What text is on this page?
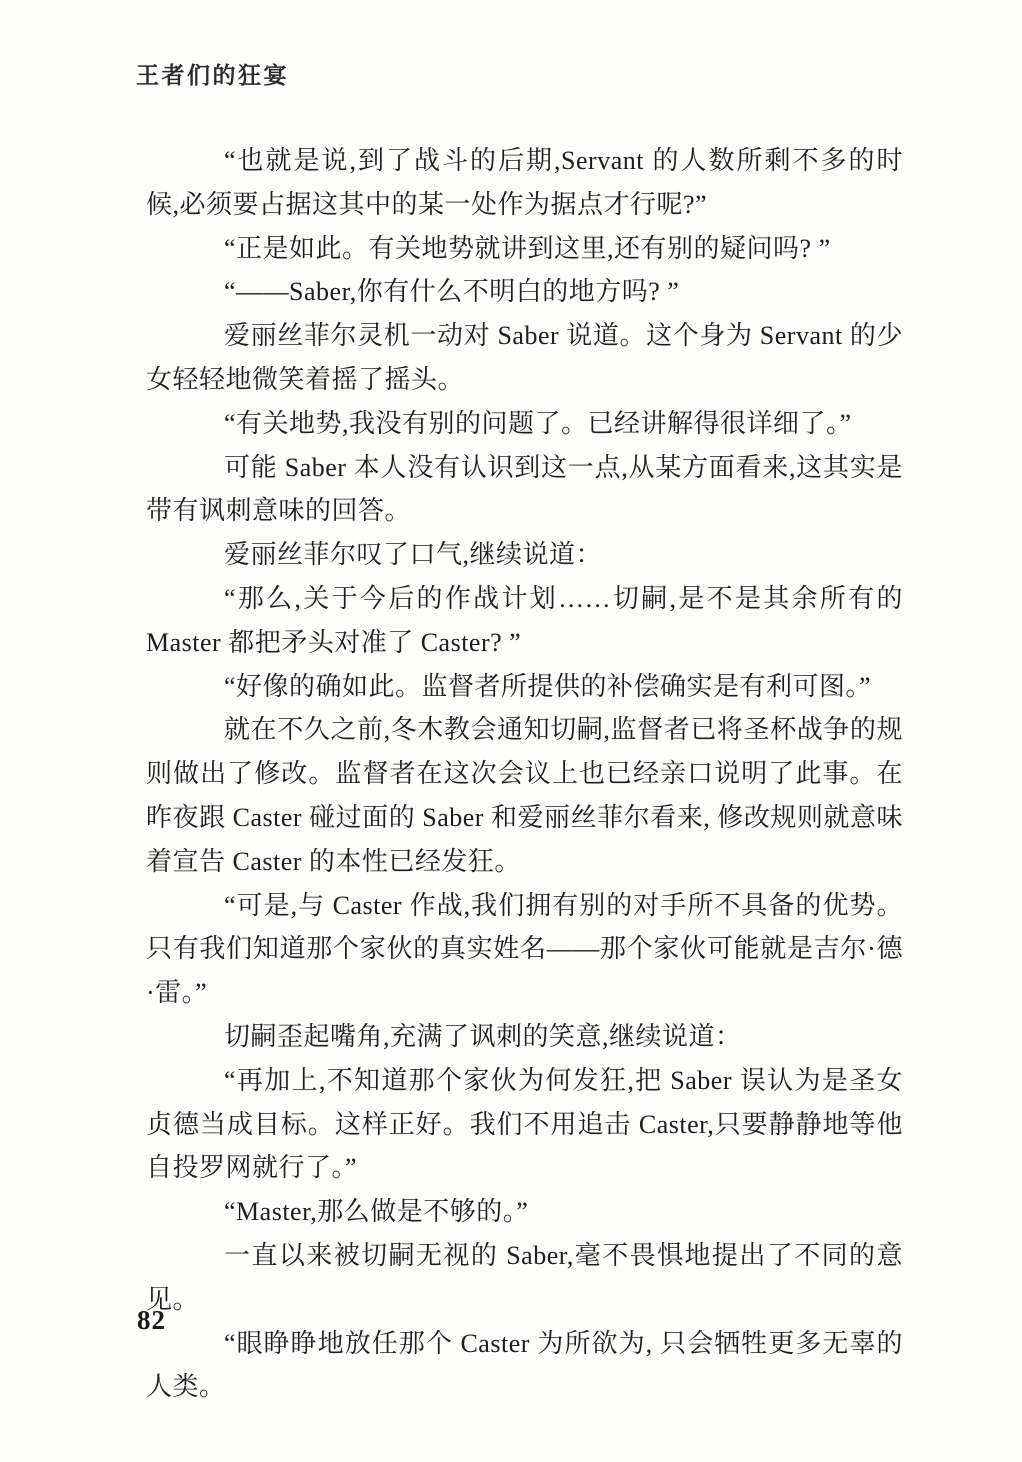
王者们的狂宴

“也就是说,到了战斗的后期,Servant 的人数所剩不多的时候,必须要占据这其中的某一处作为据点才行呢?”

“正是如此。有关地势就讲到这里,还有别的疑问吗? ”

“——Saber,你有什么不明白的地方吗? ”

爱丽丝菲尔灵机一动对 Saber 说道。这个身为 Servant 的少女轻轻地微笑着摇了摇头。

“有关地势,我没有别的问题了。已经讲解得很详细了。”

可能 Saber 本人没有认识到这一点,从某方面看来,这其实是带有讽刺意味的回答。

爱丽丝菲尔叹了口气,继续说道：

“那么,关于今后的作战计划……切嗣,是不是其余所有的 Master 都把矛头对准了 Caster? ”

“好像的确如此。监督者所提供的补偿确实是有利可图。”

就在不久之前,冬木教会通知切嗣,监督者已将圣杯战争的规则做出了修改。监督者在这次会议上也已经亲口说明了此事。在昨夜跟 Caster 碰过面的 Saber 和爱丽丝菲尔看来, 修改规则就意味着宣告 Caster 的本性已经发狂。

“可是,与 Caster 作战,我们拥有别的对手所不具备的优势。只有我们知道那个家伙的真实姓名——那个家伙可能就是吉尔·德·雷。”

切嗣歪起嘴角,充满了讽刺的笑意,继续说道：

“再加上,不知道那个家伙为何发狂,把 Saber 误认为是圣女贞德当成目标。这样正好。我们不用追击 Caster,只要静静地等他自投罗网就行了。”

“Master,那么做是不够的。”

一直以来被切嗣无视的 Saber,毫不畏惧地提出了不同的意见。

“眼睁睁地放任那个 Caster 为所欲为, 只会牺牲更多无辜的人类。

82
